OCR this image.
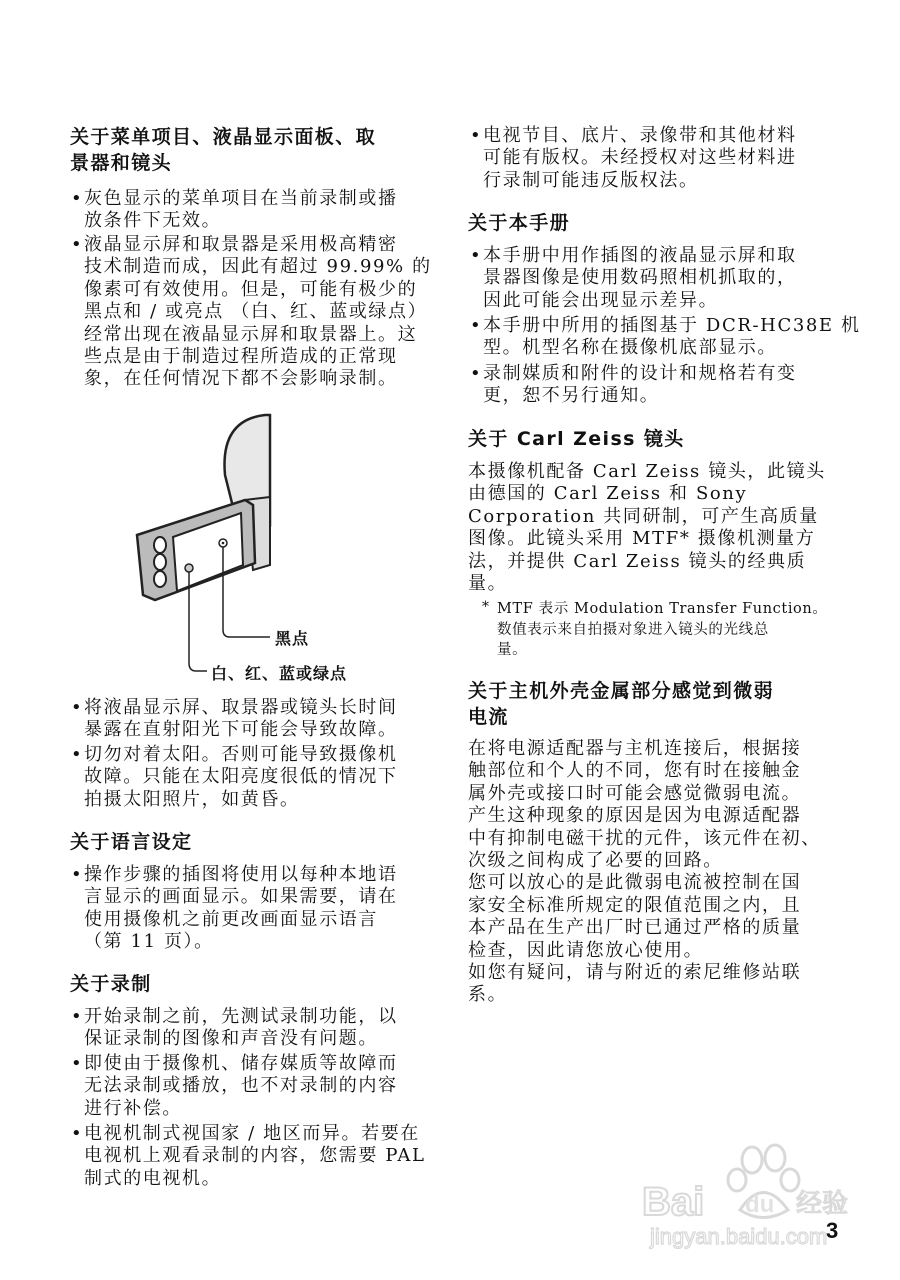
关于菜单项目、液晶显示面板、取
景器和镜头
• 灰色显示的菜单项目在当前录制或播
放条件下无效。
• 液晶显示屏和取景器是采用极高精密
技术制造而成，因此有超过 99.99% 的
像素可有效使用。但是，可能有极少的
黑点和 / 或亮点 （白、红、蓝或绿点）
经常出现在液晶显示屏和取景器上。这
些点是由于制造过程所造成的正常现
象，在任何情况下都不会影响录制。
• 将液晶显示屏、取景器或镜头长时间
暴露在直射阳光下可能会导致故障。
• 切勿对着太阳。否则可能导致摄像机
故障。只能在太阳亮度很低的情况下
拍摄太阳照片，如黄昏。
关于语言设定
• 操作步骤的插图将使用以每种本地语
言显示的画面显示。如果需要，请在
使用摄像机之前更改画面显示语言
（第 11 页）。
关于录制
• 开始录制之前，先测试录制功能，以
保证录制的图像和声音没有问题。
• 即使由于摄像机、储存媒质等故障而
无法录制或播放，也不对录制的内容
进行补偿。
• 电视机制式视国家 / 地区而异。若要在
电视机上观看录制的内容，您需要 PAL
制式的电视机。
• 电视节目、底片、录像带和其他材料
可能有版权。未经授权对这些材料进
行录制可能违反版权法。
关于本手册
• 本手册中用作插图的液晶显示屏和取
景器图像是使用数码照相机抓取的，
因此可能会出现显示差异。
• 本手册中所用的插图基于 DCR-HC38E 机
型。机型名称在摄像机底部显示。
• 录制媒质和附件的设计和规格若有变
更，恕不另行通知。
关于 Carl Zeiss 镜头
本摄像机配备 Carl Zeiss 镜头，此镜头
由德国的 Carl Zeiss 和 Sony
Corporation 共同研制，可产生高质量
图像。此镜头采用 MTF* 摄像机测量方
法，并提供 Carl Zeiss 镜头的经典质
量。
* MTF 表示 Modulation Transfer Function。
数值表示来自拍摄对象进入镜头的光线总
量。
关于主机外壳金属部分感觉到微弱
电流
在将电源适配器与主机连接后，根据接
触部位和个人的不同，您有时在接触金
属外壳或接口时可能会感觉微弱电流。
产生这种现象的原因是因为电源适配器
中有抑制电磁干扰的元件，该元件在初、
次级之间构成了必要的回路。
您可以放心的是此微弱电流被控制在国
家安全标准所规定的限值范围之内，且
本产品在生产出厂时已通过严格的质量
检查，因此请您放心使用。
如您有疑问，请与附近的索尼维修站联
系。
黑点
白、红、蓝或绿点
Bai du 经验
jingyan.baidu.com
3
